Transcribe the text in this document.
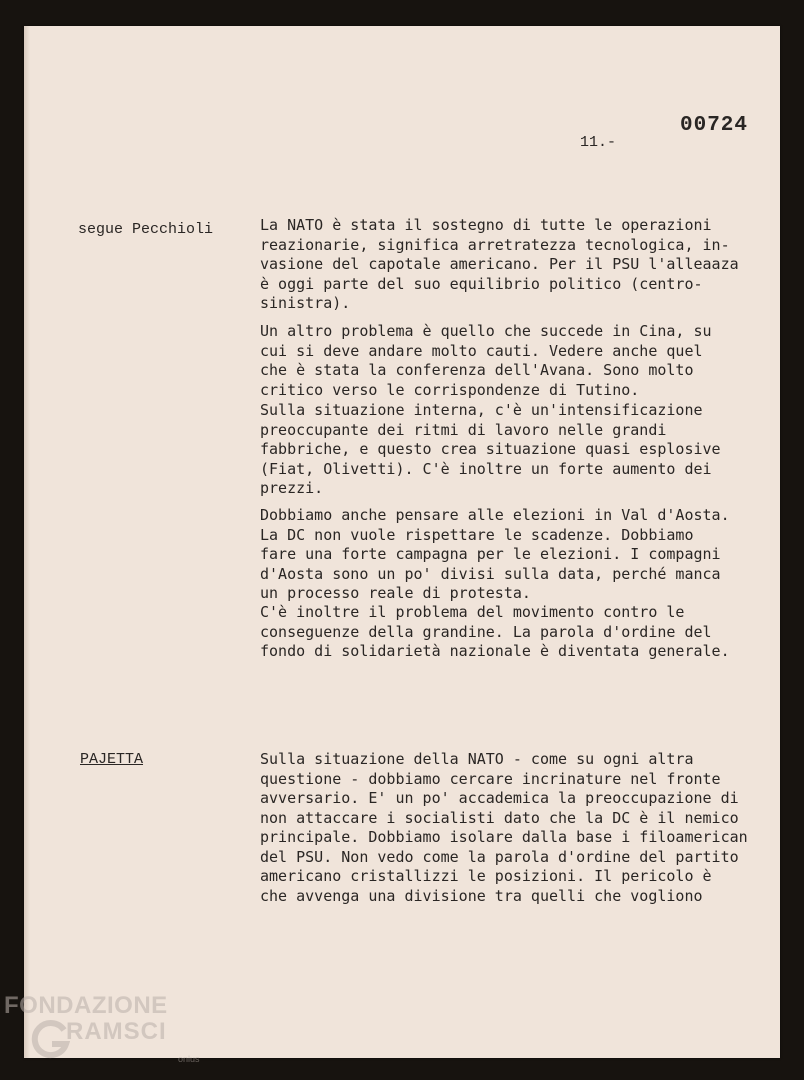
00724
11.-
segue Pecchioli	La NATO è stata il sostegno di tutte le operazioni
reazionarie, significa arretratezza tecnologica, in-
vasione del capotale americano. Per il PSU l'alleaaza
è oggi parte del suo equilibrio politico (centro-
sinistra).
Un altro problema è quello che succede in Cina, su
cui si deve andare molto cauti. Vedere anche quel
che è stata la conferenza dell'Avana. Sono molto
critico verso le corrispondenze di Tutino.
Sulla situazione interna, c'è un'intensificazione
preoccupante dei ritmi di lavoro nelle grandi
fabbriche, e questo crea situazione quasi esplosive
(Fiat, Olivetti). C'è inoltre un forte aumento dei
prezzi.
Dobbiamo anche pensare alle elezioni in Val d'Aosta.
La DC non vuole rispettare le scadenze. Dobbiamo
fare una forte campagna per le elezioni. I compagni
d'Aosta sono un po' divisi sulla data, perché manca
un processo reale di protesta.
C'è inoltre il problema del movimento contro le
conseguenze della grandine. La parola d'ordine del
fondo di solidarietà nazionale è diventata generale.
PAJETTA	Sulla situazione della NATO - come su ogni altra
questione - dobbiamo cercare incrinature nel fronte
avversario. E' un po' accademica la preoccupazione di
non attaccare i socialisti dato che la DC è il nemico
principale. Dobbiamo isolare dalla base i filoamerican
del PSU. Non vedo come la parola d'ordine del partito
americano cristallizzi le posizioni. Il pericolo è
che avvenga una divisione tra quelli che vogliono
FONDAZIONE
RAMSCI
onlus
